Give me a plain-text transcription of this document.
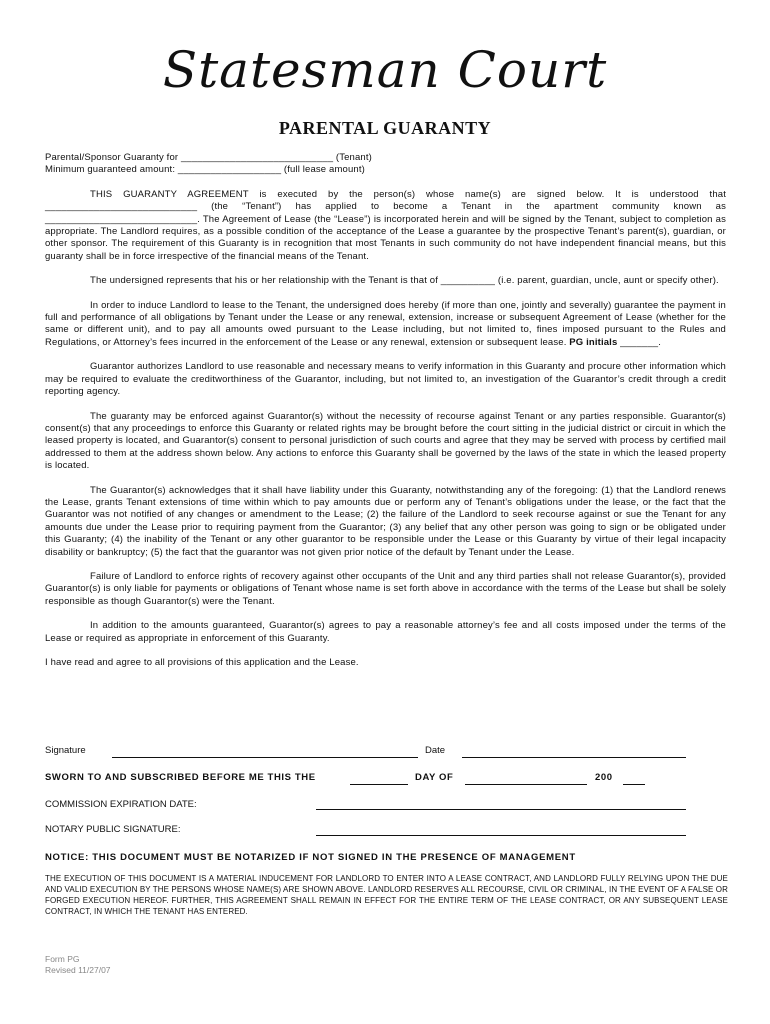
Statesman Court
PARENTAL GUARANTY

Parental/Sponsor Guaranty for ____________________________ (Tenant)

Minimum guaranteed amount: ___________________ (full lease amount)

THIS GUARANTY AGREEMENT is executed by the person(s) whose name(s) are signed below. It is understood that ____________________________ (the “Tenant”) has applied to become a Tenant in the apartment community known as ____________________________. The Agreement of Lease (the “Lease”) is incorporated herein and will be signed by the Tenant, subject to completion as appropriate. The Landlord requires, as a possible condition of the acceptance of the Lease a guarantee by the prospective Tenant’s parent(s), guardian, or other sponsor. The requirement of this Guaranty is in recognition that most Tenants in such community do not have independent financial means, but this guaranty shall be in force irrespective of the financial means of the Tenant.

The undersigned represents that his or her relationship with the Tenant is that of __________ (i.e. parent, guardian, uncle, aunt or specify other).

In order to induce Landlord to lease to the Tenant, the undersigned does hereby (if more than one, jointly and severally) guarantee the payment in full and performance of all obligations by Tenant under the Lease or any renewal, extension, increase or subsequent Agreement of Lease (whether for the same or different unit), and to pay all amounts owed pursuant to the Lease including, but not limited to, fines imposed pursuant to the Rules and Regulations, or Attorney’s fees incurred in the enforcement of the Lease or any renewal, extension or subsequent lease. PG initials _______.

Guarantor authorizes Landlord to use reasonable and necessary means to verify information in this Guaranty and procure other information which may be required to evaluate the creditworthiness of the Guarantor, including, but not limited to, an investigation of the Guarantor’s credit through a credit reporting agency.

The guaranty may be enforced against Guarantor(s) without the necessity of recourse against Tenant or any parties responsible. Guarantor(s) consent(s) that any proceedings to enforce this Guaranty or related rights may be brought before the court sitting in the judicial district or circuit in which the leased property is located, and Guarantor(s) consent to personal jurisdiction of such courts and agree that they may be served with process by certified mail addressed to them at the address shown below. Any actions to enforce this Guaranty shall be governed by the laws of the state in which the leased property is located.

The Guarantor(s) acknowledges that it shall have liability under this Guaranty, notwithstanding any of the foregoing: (1) that the Landlord renews the Lease, grants Tenant extensions of time within which to pay amounts due or perform any of Tenant’s obligations under the lease, or the fact that the Guarantor was not notified of any changes or amendment to the Lease; (2) the failure of the Landlord to seek recourse against or sue the Tenant for any amounts due under the Lease prior to requiring payment from the Guarantor; (3) any belief that any other person was going to sign or be obligated under this Guaranty; (4) the inability of the Tenant or any other guarantor to be responsible under the Lease or this Guaranty by virtue of their legal incapacity disability or bankruptcy; (5) the fact that the guarantor was not given prior notice of the default by Tenant under the Lease.

Failure of Landlord to enforce rights of recovery against other occupants of the Unit and any third parties shall not release Guarantor(s), provided Guarantor(s) is only liable for payments or obligations of Tenant whose name is set forth above in accordance with the terms of the Lease but shall be solely responsible as though Guarantor(s) were the Tenant.

In addition to the amounts guaranteed, Guarantor(s) agrees to pay a reasonable attorney’s fee and all costs imposed under the terms of the Lease or required as appropriate in enforcement of this Guaranty.

I have read and agree to all provisions of this application and the Lease.

Signature	Date
SWORN TO AND SUBSCRIBED BEFORE ME THIS THE	DAY OF	200
COMMISSION EXPIRATION DATE:
NOTARY PUBLIC SIGNATURE:
NOTICE: THIS DOCUMENT MUST BE NOTARIZED IF NOT SIGNED IN THE PRESENCE OF MANAGEMENT
THE EXECUTION OF THIS DOCUMENT IS A MATERIAL INDUCEMENT FOR LANDLORD TO ENTER INTO A LEASE CONTRACT, AND LANDLORD FULLY RELYING UPON THE DUE AND VALID EXECUTION BY THE PERSONS WHOSE NAME(S) ARE SHOWN ABOVE. LANDLORD RESERVES ALL RECOURSE, CIVIL OR CRIMINAL, IN THE EVENT OF A FALSE OR FORGED EXECUTION HEREOF. FURTHER, THIS AGREEMENT SHALL REMAIN IN EFFECT FOR THE ENTIRE TERM OF THE LEASE CONTRACT, OR ANY SUBSEQUENT LEASE CONTRACT, IN WHICH THE TENANT HAS ENTERED.
Form PG
Revised 11/27/07
